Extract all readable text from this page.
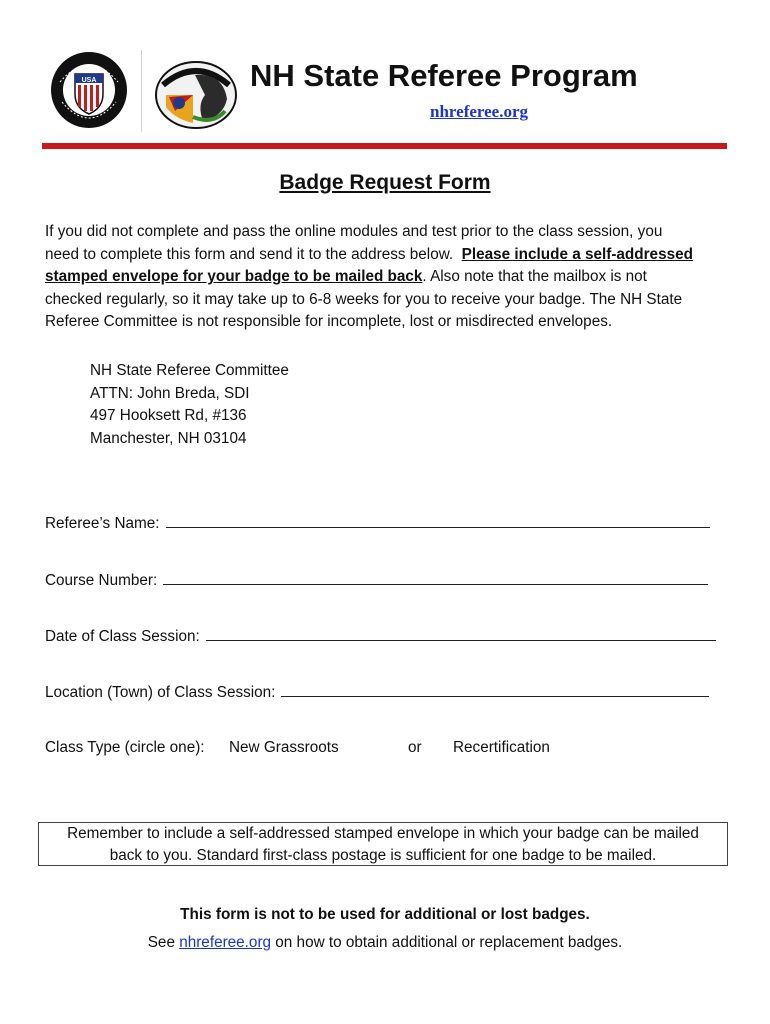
USA	NH State Referee Program
nhreferee.org
Badge Request Form
If you did not complete and pass the online modules and test prior to the class session, you
need to complete this form and send it to the address below. Please include a self-addressed
stamped envelope for your badge to be mailed back. Also note that the mailbox is not
checked regularly, so it may take up to 6-8 weeks for you to receive your badge. The NH State
Referee Committee is not responsible for incomplete, lost or misdirected envelopes.
NH State Referee Committee
ATTN: John Breda, SDI
497 Hooksett Rd, #136
Manchester, NH 03104
Referee’s Name:
Course Number:
Date of Class Session:
Location (Town) of Class Session:
Class Type (circle one): New Grassroots	or Recertification
Remember to include a self-addressed stamped envelope in which your badge can be mailed
back to you. Standard first-class postage is sufficient for one badge to be mailed.
This form is not to be used for additional or lost badges.
See nhreferee.org on how to obtain additional or replacement badges.
